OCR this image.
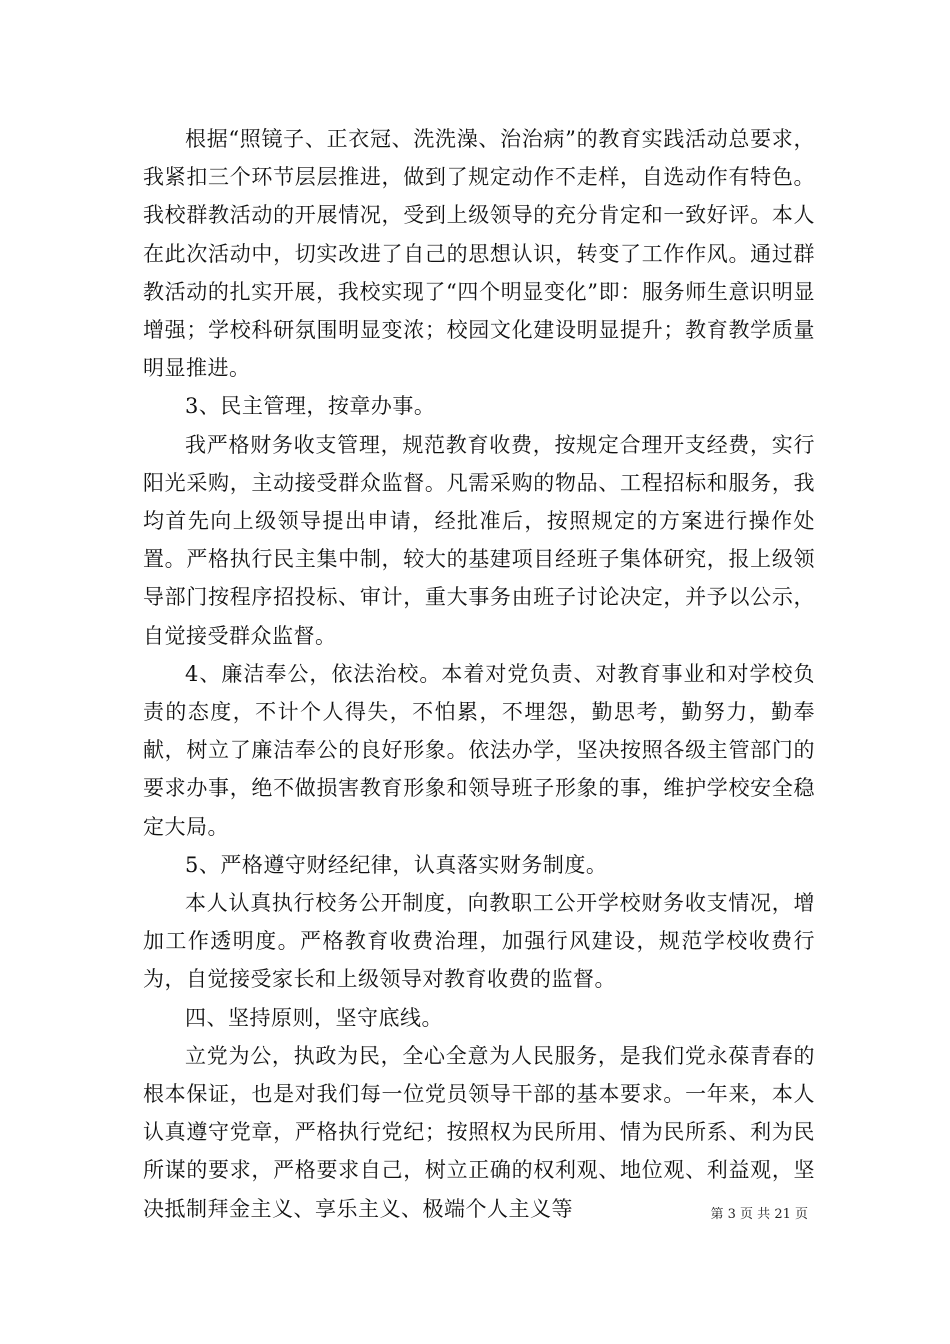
根据“照镜子、正衣冠、洗洗澡、治治病”的教育实践活动总要求，我紧扣三个环节层层推进，做到了规定动作不走样，自选动作有特色。我校群教活动的开展情况，受到上级领导的充分肯定和一致好评。本人在此次活动中，切实改进了自己的思想认识，转变了工作作风。通过群教活动的扎实开展，我校实现了“四个明显变化”即：服务师生意识明显增强；学校科研氛围明显变浓；校园文化建设明显提升；教育教学质量明显推进。

3、民主管理，按章办事。

我严格财务收支管理，规范教育收费，按规定合理开支经费，实行阳光采购，主动接受群众监督。凡需采购的物品、工程招标和服务，我均首先向上级领导提出申请，经批准后，按照规定的方案进行操作处置。严格执行民主集中制，较大的基建项目经班子集体研究，报上级领导部门按程序招投标、审计，重大事务由班子讨论决定，并予以公示，自觉接受群众监督。

4、廉洁奉公，依法治校。本着对党负责、对教育事业和对学校负责的态度，不计个人得失，不怕累，不埋怨，勤思考，勤努力，勤奉献，树立了廉洁奉公的良好形象。依法办学，坚决按照各级主管部门的要求办事，绝不做损害教育形象和领导班子形象的事，维护学校安全稳定大局。

5、严格遵守财经纪律，认真落实财务制度。

本人认真执行校务公开制度，向教职工公开学校财务收支情况，增加工作透明度。严格教育收费治理，加强行风建设，规范学校收费行为，自觉接受家长和上级领导对教育收费的监督。

四、坚持原则，坚守底线。

立党为公，执政为民，全心全意为人民服务，是我们党永葆青春的根本保证，也是对我们每一位党员领导干部的基本要求。一年来，本人认真遵守党章，严格执行党纪；按照权为民所用、情为民所系、利为民所谋的要求，严格要求自己，树立正确的权利观、地位观、利益观，坚决抵制拜金主义、享乐主义、极端个人主义等	第 3 页 共 21 页
